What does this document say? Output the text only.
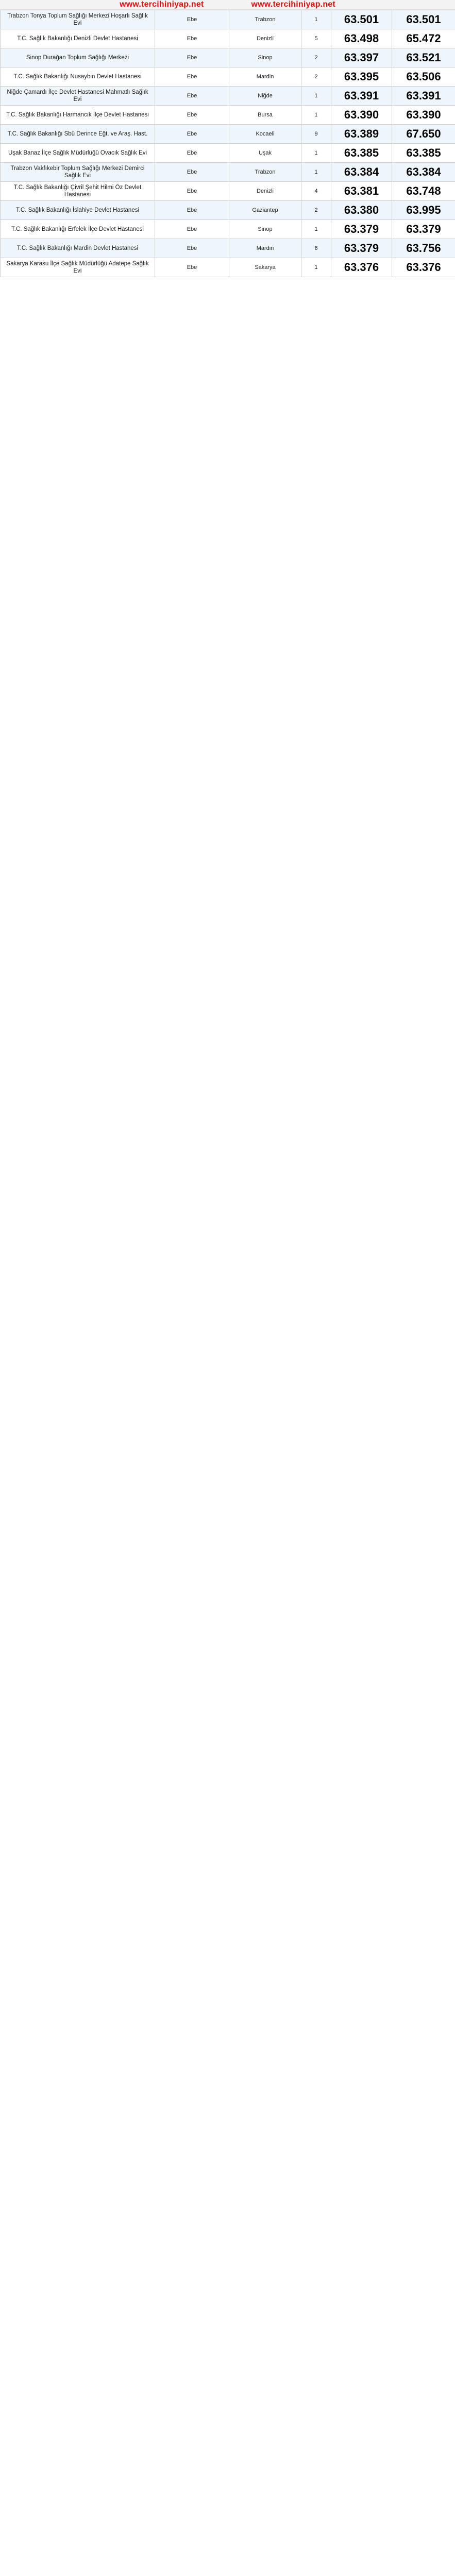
www.tercihiniyap.net	www.tercihiniyap.net
Trabzon Tonya Toplum Sağlığı Merkezi Hoşarlı Sağlık Evi	Ebe	Trabzon	1	63.501	63.501
T.C. Sağlık Bakanlığı Denizli Devlet Hastanesi	Ebe	Denizli	5	63.498	65.472
Sinop Durağan Toplum Sağlığı Merkezi	Ebe	Sinop	2	63.397	63.521
T.C. Sağlık Bakanlığı Nusaybin Devlet Hastanesi	Ebe	Mardin	2	63.395	63.506
Niğde Çamardı İlçe Devlet Hastanesi Mahmatlı Sağlık Evi	Ebe	Niğde	1	63.391	63.391
T.C. Sağlık Bakanlığı Harmancık İlçe Devlet Hastanesi	Ebe	Bursa	1	63.390	63.390
T.C. Sağlık Bakanlığı Sbü Derince Eğt. ve Araş. Hast.	Ebe	Kocaeli	9	63.389	67.650
Uşak Banaz İlçe Sağlık Müdürlüğü Ovacık Sağlık Evi	Ebe	Uşak	1	63.385	63.385
Trabzon Vakfıkebir Toplum Sağlığı Merkezi Demirci Sağlık Evi	Ebe	Trabzon	1	63.384	63.384
T.C. Sağlık Bakanlığı Çivril Şehit Hilmi Öz Devlet Hastanesi	Ebe	Denizli	4	63.381	63.748
T.C. Sağlık Bakanlığı İslahiye Devlet Hastanesi	Ebe	Gaziantep	2	63.380	63.995
T.C. Sağlık Bakanlığı Erfelek İlçe Devlet Hastanesi	Ebe	Sinop	1	63.379	63.379
T.C. Sağlık Bakanlığı Mardin Devlet Hastanesi	Ebe	Mardin	6	63.379	63.756
Sakarya Karasu İlçe Sağlık Müdürlüğü Adatepe Sağlık Evi	Ebe	Sakarya	1	63.376	63.376
